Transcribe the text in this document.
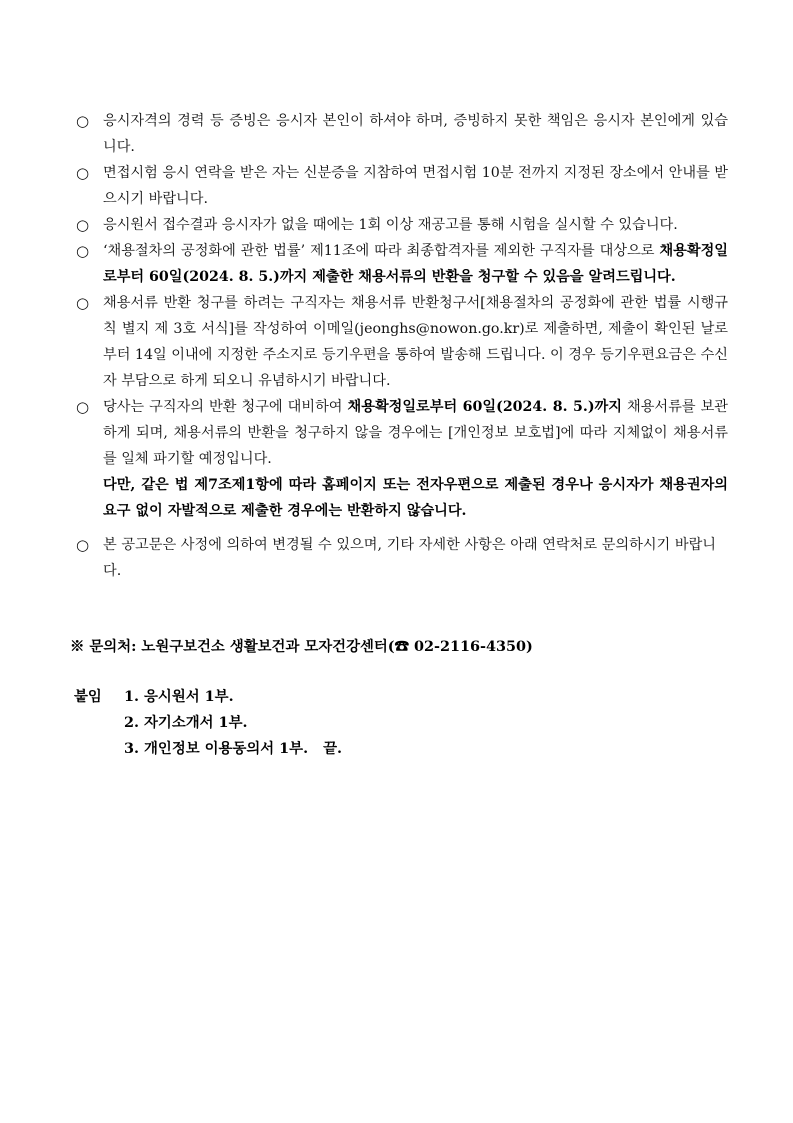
○ 응시자격의 경력 등 증빙은 응시자 본인이 하셔야 하며, 증빙하지 못한 책임은 응시자 본인에게 있습니다.
○ 면접시험 응시 연락을 받은 자는 신분증을 지참하여 면접시험 10분 전까지 지정된 장소에서 안내를 받으시기 바랍니다.
○ 응시원서 접수결과 응시자가 없을 때에는 1회 이상 재공고를 통해 시험을 실시할 수 있습니다.
○ ‘채용절차의 공정화에 관한 법률’ 제11조에 따라 최종합격자를 제외한 구직자를 대상으로 채용확정일로부터 60일(2024. 8. 5.)까지 제출한 채용서류의 반환을 청구할 수 있음을 알려드립니다.
○ 채용서류 반환 청구를 하려는 구직자는 채용서류 반환청구서[채용절차의 공정화에 관한 법률 시행규칙 별지 제 3호 서식]를 작성하여 이메일(jeonghs@nowon.go.kr)로 제출하면, 제출이 확인된 날로부터 14일 이내에 지정한 주소지로 등기우편을 통하여 발송해 드립니다. 이 경우 등기우편요금은 수신자 부담으로 하게 되오니 유념하시기 바랍니다.
○ 당사는 구직자의 반환 청구에 대비하여 채용확정일로부터 60일(2024. 8. 5.)까지 채용서류를 보관하게 되며, 채용서류의 반환을 청구하지 않을 경우에는 [개인정보 보호법]에 따라 지체없이 채용서류를 일체 파기할 예정입니다.
다만, 같은 법 제7조제1항에 따라 홈페이지 또는 전자우편으로 제출된 경우나 응시자가 채용권자의 요구 없이 자발적으로 제출한 경우에는 반환하지 않습니다.
○ 본 공고문은 사정에 의하여 변경될 수 있으며, 기타 자세한 사항은 아래 연락처로 문의하시기 바랍니다.
※ 문의처: 노원구보건소 생활보건과 모자건강센터(☎ 02-2116-4350)
붙임	1. 응시원서 1부.
2. 자기소개서 1부.
3. 개인정보 이용동의서 1부.   끝.
